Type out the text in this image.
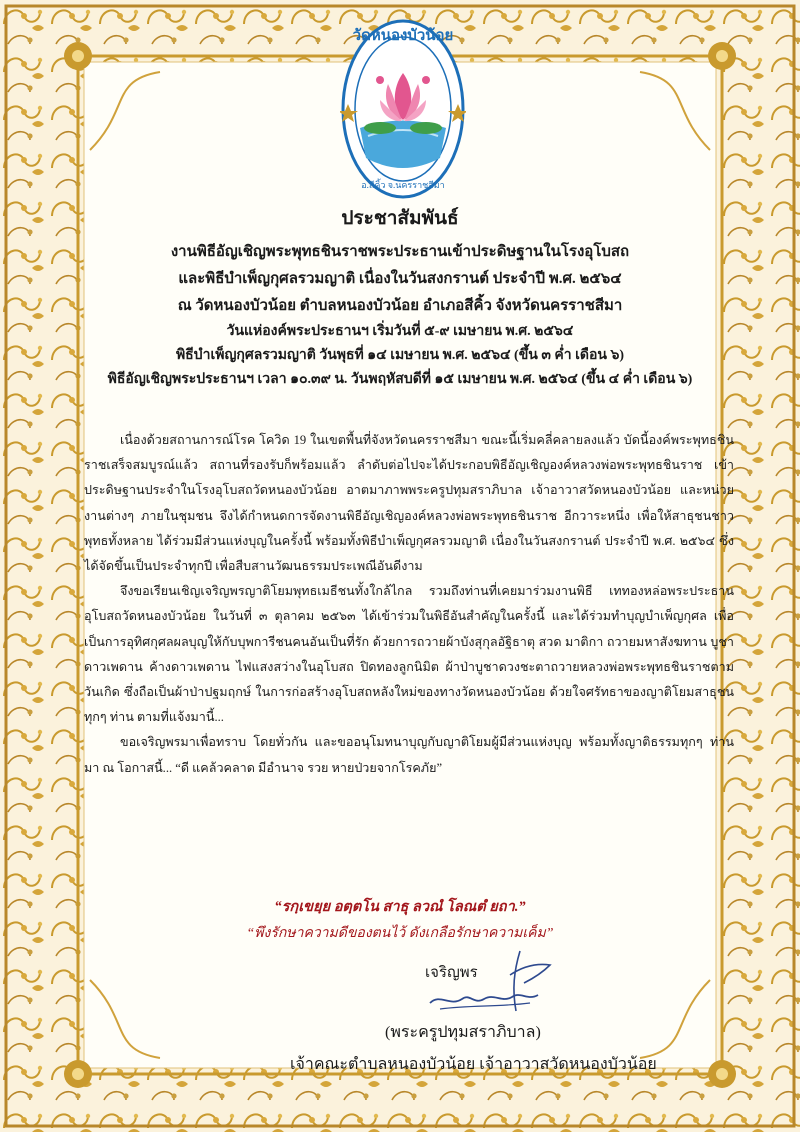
วัดหนองบัวน้อย
อ.สีคิ้ว จ.นครราชสีมา
ประชาสัมพันธ์
งานพิธีอัญเชิญพระพุทธชินราชพระประธานเข้าประดิษฐานในโรงอุโบสถ
และพิธีบำเพ็ญกุศลรวมญาติ เนื่องในวันสงกรานต์ ประจำปี พ.ศ. ๒๕๖๔
ณ วัดหนองบัวน้อย ตำบลหนองบัวน้อย อำเภอสีคิ้ว จังหวัดนครราชสีมา
วันแห่องค์พระประธานฯ เริ่มวันที่ ๕-๙ เมษายน พ.ศ. ๒๕๖๔
พิธีบำเพ็ญกุศลรวมญาติ วันพุธที่ ๑๔ เมษายน พ.ศ. ๒๕๖๔ (ขึ้น ๓ ค่ำ เดือน ๖)
พิธีอัญเชิญพระประธานฯ เวลา ๑๐.๓๙ น. วันพฤหัสบดีที่ ๑๕ เมษายน พ.ศ. ๒๕๖๔ (ขึ้น ๔ ค่ำ เดือน ๖)

เนื่องด้วยสถานการณ์โรค โควิด 19 ในเขตพื้นที่จังหวัดนครราชสีมา ขณะนี้เริ่มคลี่คลายลงแล้ว บัดนี้องค์พระพุทธชินราชเสร็จสมบูรณ์แล้ว สถานที่รองรับก็พร้อมแล้ว ลำดับต่อไปจะได้ประกอบพิธีอัญเชิญองค์หลวงพ่อพระพุทธชินราช เข้าประดิษฐานประจำในโรงอุโบสถวัดหนองบัวน้อย อาตมาภาพพระครูปทุมสราภิบาล เจ้าอาวาสวัดหนองบัวน้อย และหน่วยงานต่างๆ ภายในชุมชน จึงได้กำหนดการจัดงานพิธีอัญเชิญองค์หลวงพ่อพระพุทธชินราช อีกวาระหนึ่ง เพื่อให้สาธุชนชาวพุทธทั้งหลาย ได้ร่วมมีส่วนแห่งบุญในครั้งนี้ พร้อมทั้งพิธีบำเพ็ญกุศลรวมญาติ เนื่องในวันสงกรานต์ ประจำปี พ.ศ. ๒๕๖๔ ซึ่งได้จัดขึ้นเป็นประจำทุกปี เพื่อสืบสานวัฒนธรรมประเพณีอันดีงาม

จึงขอเรียนเชิญเจริญพรญาติโยมพุทธเมธีชนทั้งใกล้ไกล รวมถึงท่านที่เคยมาร่วมงานพิธี เททองหล่อพระประธานอุโบสถวัดหนองบัวน้อย ในวันที่ ๓ ตุลาคม ๒๕๖๓ ได้เข้าร่วมในพิธีอันสำคัญในครั้งนี้ และได้ร่วมทำบุญบำเพ็ญกุศล เพื่อเป็นการอุทิศกุศลผลบุญให้กับบุพการีชนคนอันเป็นที่รัก ด้วยการถวายผ้าบังสุกุลอัฐิธาตุ สวด มาติกา ถวายมหาสังฆทาน บูชาดาวเพดาน ค้างดาวเพดาน ไฟแสงสว่างในอุโบสถ ปิดทองลูกนิมิต ผ้าป่าบูชาดวงชะตาถวายหลวงพ่อพระพุทธชินราชตามวันเกิด ซึ่งถือเป็นผ้าป่าปฐมฤกษ์ ในการก่อสร้างอุโบสถหลังใหม่ของทางวัดหนองบัวน้อย ด้วยใจศรัทธาของญาติโยมสาธุชนทุกๆ ท่าน ตามที่แจ้งมานี้...

ขอเจริญพรมาเพื่อทราบ โดยทั่วกัน และขออนุโมทนาบุญกับญาติโยมผู้มีส่วนแห่งบุญ พร้อมทั้งญาติธรรมทุกๆ ท่าน มา ณ โอกาสนี้... “ดี แคล้วคลาด มีอำนาจ รวย หายป่วยจากโรคภัย”

“รกฺเขยฺย อตฺตโน สาธุ ลวณํ โลณตํ ยถา.”
“พึงรักษาความดีของตนไว้ ดังเกลือรักษาความเค็ม”
เจริญพร
(พระครูปทุมสราภิบาล)
เจ้าคณะตำบลหนองบัวน้อย เจ้าอาวาสวัดหนองบัวน้อย
